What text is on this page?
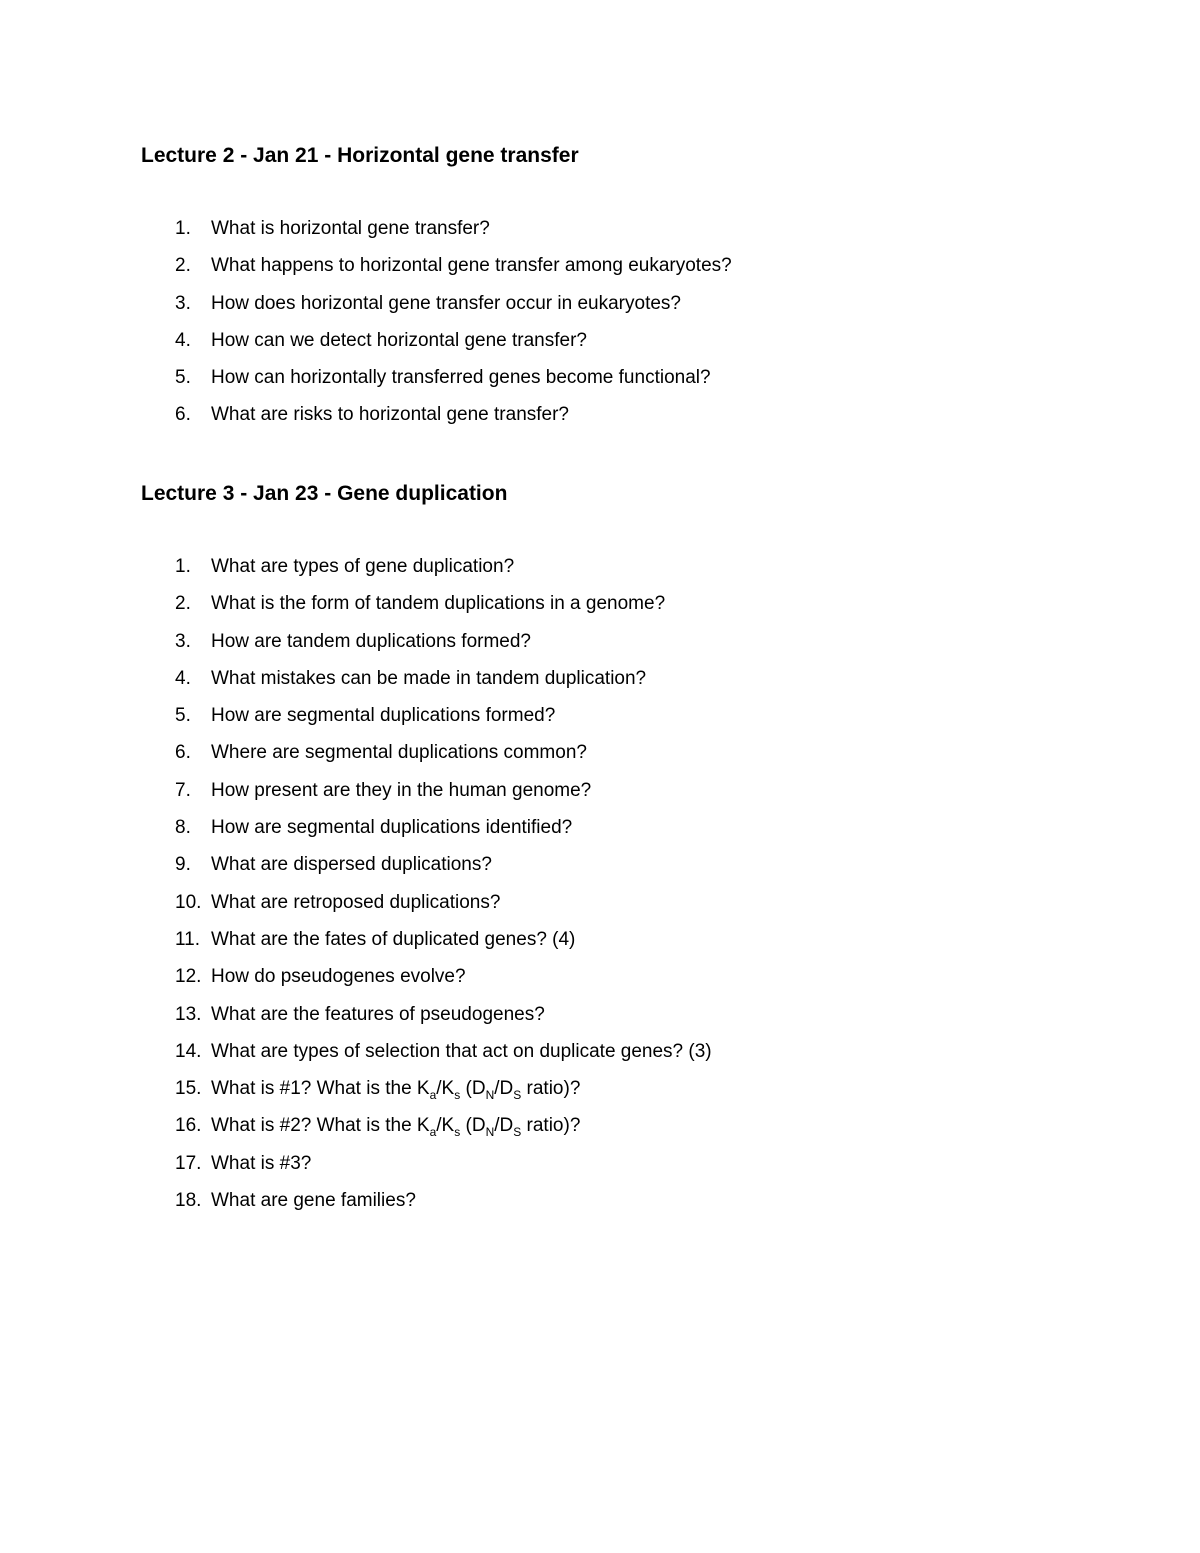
Lecture 2 - Jan 21 - Horizontal gene transfer
1. What is horizontal gene transfer?
2. What happens to horizontal gene transfer among eukaryotes?
3. How does horizontal gene transfer occur in eukaryotes?
4. How can we detect horizontal gene transfer?
5. How can horizontally transferred genes become functional?
6. What are risks to horizontal gene transfer?
Lecture 3 - Jan 23 - Gene duplication
1. What are types of gene duplication?
2. What is the form of tandem duplications in a genome?
3. How are tandem duplications formed?
4. What mistakes can be made in tandem duplication?
5. How are segmental duplications formed?
6. Where are segmental duplications common?
7. How present are they in the human genome?
8. How are segmental duplications identified?
9. What are dispersed duplications?
10. What are retroposed duplications?
11. What are the fates of duplicated genes? (4)
12. How do pseudogenes evolve?
13. What are the features of pseudogenes?
14. What are types of selection that act on duplicate genes? (3)
15. What is #1? What is the $K_a/K_s$ ($D_N/D_S$ ratio)?
16. What is #2? What is the $K_a/K_s$ ($D_N/D_S$ ratio)?
17. What is #3?
18. What are gene families?
